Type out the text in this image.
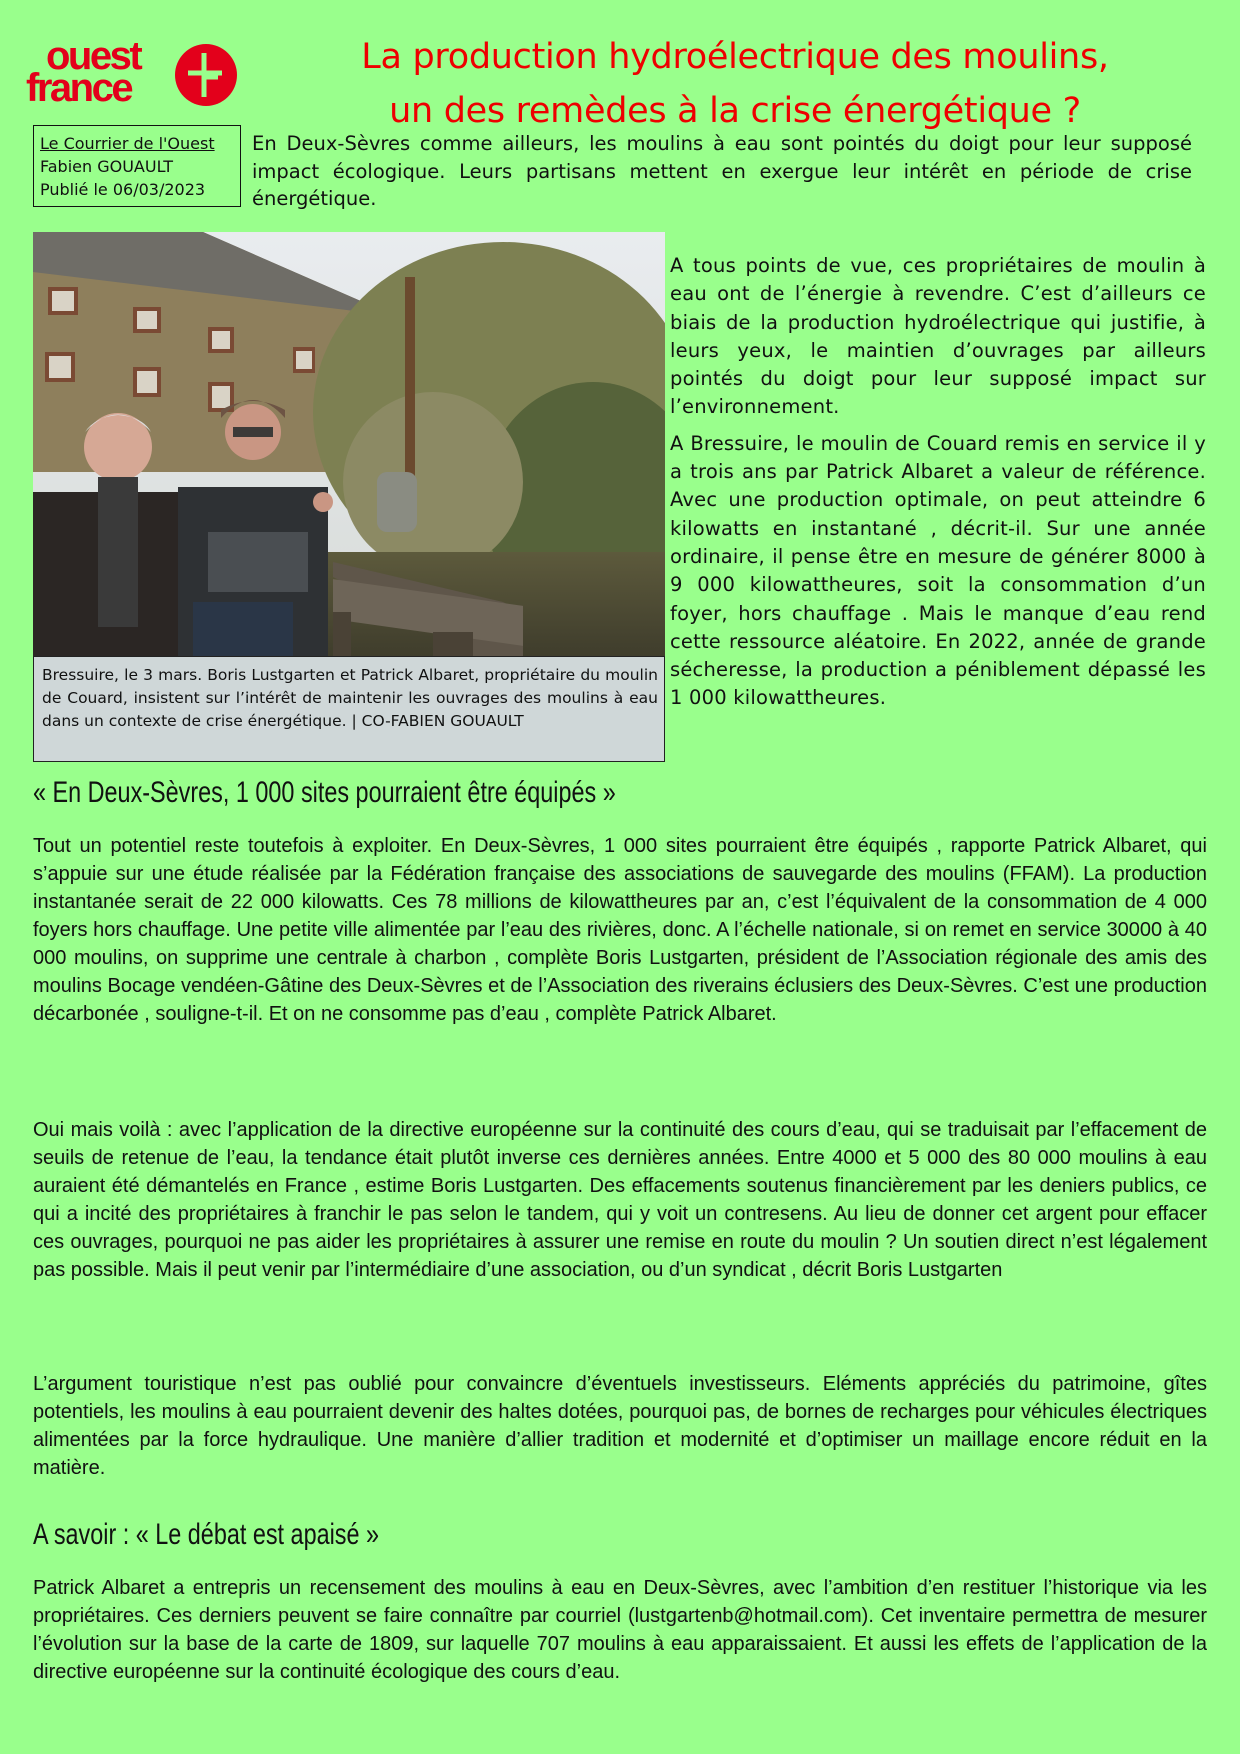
ouest
france
La production hydroélectrique des moulins,
un des remèdes à la crise énergétique ?
Le Courrier de l'Ouest
Fabien GOUAULT
Publié le 06/03/2023
En Deux-Sèvres comme ailleurs, les moulins à eau sont pointés du doigt pour leur supposé impact écologique. Leurs partisans mettent en exergue leur intérêt en période de crise énergétique.
Bressuire, le 3 mars. Boris Lustgarten et Patrick Albaret, propriétaire du moulin de Couard, insistent sur l’intérêt de maintenir les ouvrages des moulins à eau dans un contexte de crise énergétique. | CO-FABIEN GOUAULT

A tous points de vue, ces propriétaires de moulin à eau ont de l’énergie à revendre. C’est d’ailleurs ce biais de la production hydroélectrique qui justifie, à leurs yeux, le maintien d’ouvrages par ailleurs pointés du doigt pour leur supposé impact sur l’environnement.

A Bressuire, le moulin de Couard remis en service il y a trois ans par Patrick Albaret a valeur de référence. Avec une production optimale, on peut atteindre 6 kilowatts en instantané , décrit-il. Sur une année ordinaire, il pense être en mesure de générer 8000 à 9 000 kilowattheures, soit la consommation d’un foyer, hors chauffage . Mais le manque d’eau rend cette ressource aléatoire. En 2022, année de grande sécheresse, la production a péniblement dépassé les 1 000 kilowattheures.

« En Deux-Sèvres, 1 000 sites pourraient être équipés »

Tout un potentiel reste toutefois à exploiter. En Deux-Sèvres, 1 000 sites pourraient être équipés , rapporte Patrick Albaret, qui s’appuie sur une étude réalisée par la Fédération française des associations de sauvegarde des moulins (FFAM). La production instantanée serait de 22 000 kilowatts. Ces 78 millions de kilowattheures par an, c’est l’équivalent de la consommation de 4 000 foyers hors chauffage. Une petite ville alimentée par l’eau des rivières, donc. A l’échelle nationale, si on remet en service 30000 à 40 000 moulins, on supprime une centrale à charbon , complète Boris Lustgarten, président de l’Association régionale des amis des moulins Bocage vendéen-Gâtine des Deux-Sèvres et de l’Association des riverains éclusiers des Deux-Sèvres. C’est une production décarbonée , souligne-t-il. Et on ne consomme pas d’eau , complète Patrick Albaret.

Oui mais voilà : avec l’application de la directive européenne sur la continuité des cours d’eau, qui se traduisait par l’effacement de seuils de retenue de l’eau, la tendance était plutôt inverse ces dernières années. Entre 4000 et 5 000 des 80 000 moulins à eau auraient été démantelés en France , estime Boris Lustgarten. Des effacements soutenus financièrement par les deniers publics, ce qui a incité des propriétaires à franchir le pas selon le tandem, qui y voit un contresens. Au lieu de donner cet argent pour effacer ces ouvrages, pourquoi ne pas aider les propriétaires à assurer une remise en route du moulin ? Un soutien direct n’est légalement pas possible. Mais il peut venir par l’intermédiaire d’une association, ou d’un syndicat , décrit Boris Lustgarten

L’argument touristique n’est pas oublié pour convaincre d’éventuels investisseurs. Eléments appréciés du patrimoine, gîtes potentiels, les moulins à eau pourraient devenir des haltes dotées, pourquoi pas, de bornes de recharges pour véhicules électriques alimentées par la force hydraulique. Une manière d’allier tradition et modernité et d’optimiser un maillage encore réduit en la matière.

A savoir : « Le débat est apaisé »

Patrick Albaret a entrepris un recensement des moulins à eau en Deux-Sèvres, avec l’ambition d’en restituer l’historique via les propriétaires. Ces derniers peuvent se faire connaître par courriel (lustgartenb@hotmail.com). Cet inventaire permettra de mesurer l’évolution sur la base de la carte de 1809, sur laquelle 707 moulins à eau apparaissaient. Et aussi les effets de l’application de la directive européenne sur la continuité écologique des cours d’eau.
